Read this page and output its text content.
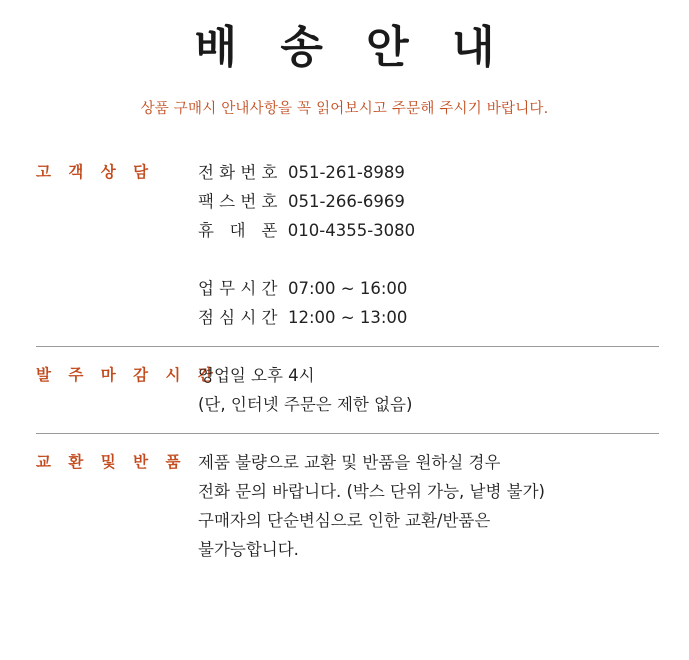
배 송 안 내

상품 구매시 안내사항을 꼭 읽어보시고 주문해 주시기 바랍니다.

고 객 상 담	전 화 번 호  051-261-8989
팩 스 번 호  051-266-6969
휴   대   폰  010-4355-3080
업 무 시 간  07:00 ~ 16:00
점 심 시 간  12:00 ~ 13:00
발 주 마 감 시 간
영업일 오후 4시
(단, 인터넷 주문은 제한 없음)
교 환 및 반 품 제품 불량으로 교환 및 반품을 원하실 경우
전화 문의 바랍니다. (박스 단위 가능, 낱병 불가)
구매자의 단순변심으로 인한 교환/반품은
불가능합니다.
